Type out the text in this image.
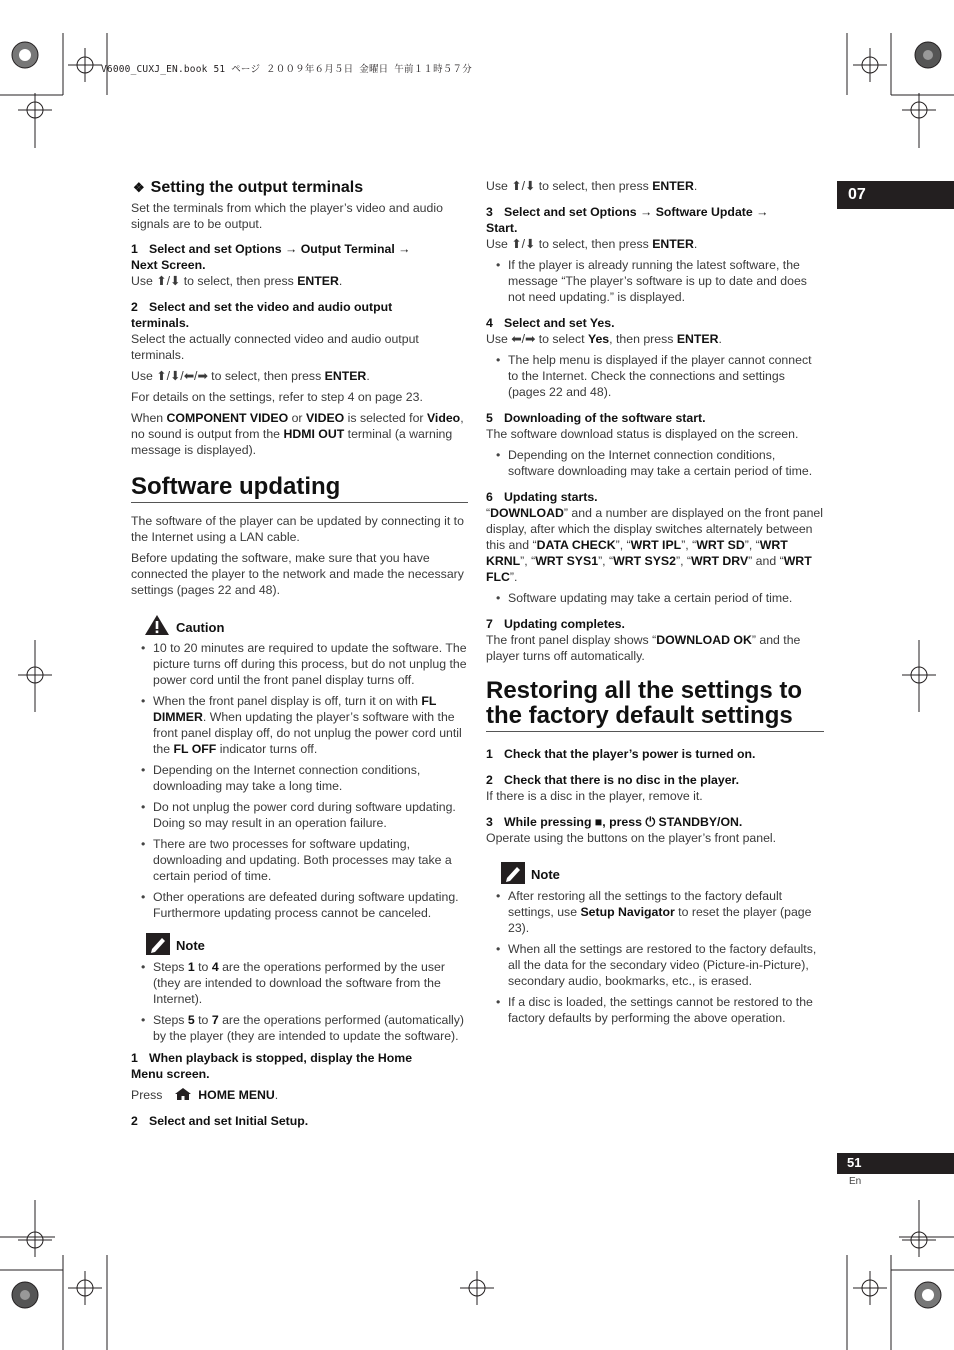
V6000_CUXJ_EN.book 51 ページ ２００９年６月５日 金曜日 午前１１時５７分
07
❖ Setting the output terminals

Set the terminals from which the player’s video and audio signals are to be output.

1 Select and set Options → Output Terminal →
Next Screen.

Use ⬆/⬇ to select, then press ENTER.

2 Select and set the video and audio output
terminals.

Select the actually connected video and audio output terminals.

Use ⬆/⬇/⬅/➡ to select, then press ENTER.

For details on the settings, refer to step 4 on page 23.

When COMPONENT VIDEO or VIDEO is selected for Video, no sound is output from the HDMI OUT terminal (a warning message is displayed).

Software updating

The software of the player can be updated by connecting it to the Internet using a LAN cable.

Before updating the software, make sure that you have connected the player to the network and made the necessary settings (pages 22 and 48).

Caution
• 10 to 20 minutes are required to update the software. The picture turns off during this process, but do not unplug the power cord until the front panel display turns off.
• When the front panel display is off, turn it on with FL DIMMER. When updating the player’s software with the front panel display off, do not unplug the power cord until the FL OFF indicator turns off.
• Depending on the Internet connection conditions, downloading may take a long time.
• Do not unplug the power cord during software updating. Doing so may result in an operation failure.
• There are two processes for software updating, downloading and updating. Both processes may take a certain period of time.
• Other operations are defeated during software updating. Furthermore updating process cannot be canceled.
Note
• Steps 1 to 4 are the operations performed by the user (they are intended to download the software from the Internet).
• Steps 5 to 7 are the operations performed (automatically) by the player (they are intended to update the software).
1 When playback is stopped, display the Home
Menu screen.

Press	HOME MENU.

2 Select and set Initial Setup.

Use ⬆/⬇ to select, then press ENTER.

3 Select and set Options → Software Update →
Start.

Use ⬆/⬇ to select, then press ENTER.

• If the player is already running the latest software, the message “The player’s software is up to date and does not need updating.” is displayed.
4 Select and set Yes.

Use ⬅/➡ to select Yes, then press ENTER.

• The help menu is displayed if the player cannot connect to the Internet. Check the connections and settings (pages 22 and 48).
5 Downloading of the software start.

The software download status is displayed on the screen.

• Depending on the Internet connection conditions, software downloading may take a certain period of time.
6 Updating starts.

“DOWNLOAD” and a number are displayed on the front panel display, after which the display switches alternately between this and “DATA CHECK”, “WRT IPL”, “WRT SD”, “WRT KRNL”, “WRT SYS1”, “WRT SYS2”, “WRT DRV” and “WRT FLC”.

• Software updating may take a certain period of time.
7 Updating completes.

The front panel display shows “DOWNLOAD OK” and the player turns off automatically.

Restoring all the settings to
the factory default settings
1 Check that the player’s power is turned on.
2 Check that there is no disc in the player.

If there is a disc in the player, remove it.

3 While pressing ■, press ⏻ STANDBY/ON.

Operate using the buttons on the player’s front panel.

Note
• After restoring all the settings to the factory default settings, use Setup Navigator to reset the player (page 23).
• When all the settings are restored to the factory defaults, all the data for the secondary video (Picture-in-Picture), secondary audio, bookmarks, etc., is erased.
• If a disc is loaded, the settings cannot be restored to the factory defaults by performing the above operation.
51
En
